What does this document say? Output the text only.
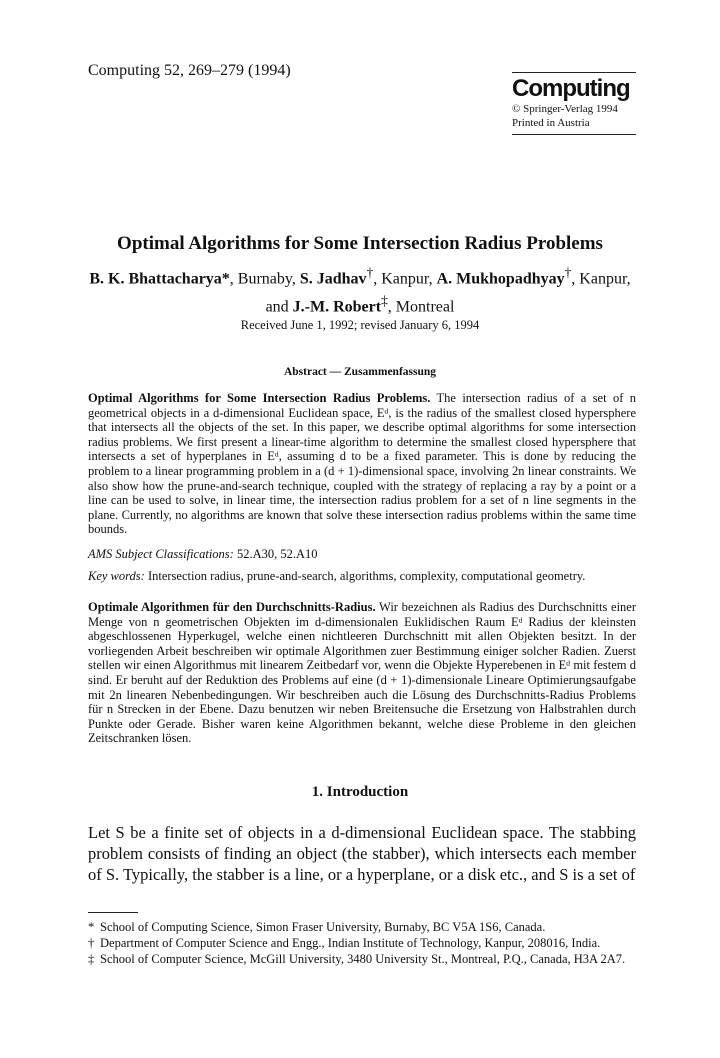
Computing 52, 269–279 (1994)
Computing
© Springer-Verlag 1994
Printed in Austria
Optimal Algorithms for Some Intersection Radius Problems
B. K. Bhattacharya*, Burnaby, S. Jadhav†, Kanpur, A. Mukhopadhyay†, Kanpur,
and J.-M. Robert‡, Montreal
Received June 1, 1992; revised January 6, 1994
Abstract — Zusammenfassung
Optimal Algorithms for Some Intersection Radius Problems. The intersection radius of a set of n geometrical objects in a d-dimensional Euclidean space, Eᵈ, is the radius of the smallest closed hypersphere that intersects all the objects of the set. In this paper, we describe optimal algorithms for some intersection radius problems. We first present a linear-time algorithm to determine the smallest closed hypersphere that intersects a set of hyperplanes in Eᵈ, assuming d to be a fixed parameter. This is done by reducing the problem to a linear programming problem in a (d + 1)-dimensional space, involving 2n linear constraints. We also show how the prune-and-search technique, coupled with the strategy of replacing a ray by a point or a line can be used to solve, in linear time, the intersection radius problem for a set of n line segments in the plane. Currently, no algorithms are known that solve these intersection radius problems within the same time bounds.
AMS Subject Classifications: 52.A30, 52.A10
Key words: Intersection radius, prune-and-search, algorithms, complexity, computational geometry.
Optimale Algorithmen für den Durchschnitts-Radius. Wir bezeichnen als Radius des Durchschnitts einer Menge von n geometrischen Objekten im d-dimensionalen Euklidischen Raum Eᵈ Radius der kleinsten abgeschlossenen Hyperkugel, welche einen nichtleeren Durchschnitt mit allen Objekten besitzt. In der vorliegenden Arbeit beschreiben wir optimale Algorithmen zuer Bestimmung einiger solcher Radien. Zuerst stellen wir einen Algorithmus mit linearem Zeitbedarf vor, wenn die Objekte Hyperebenen in Eᵈ mit festem d sind. Er beruht auf der Reduktion des Problems auf eine (d + 1)-dimensionale Lineare Optimierungsaufgabe mit 2n linearen Nebenbedingungen. Wir beschreiben auch die Lösung des Durchschnitts-Radius Problems für n Strecken in der Ebene. Dazu benutzen wir neben Breitensuche die Ersetzung von Halbstrahlen durch Punkte oder Gerade. Bisher waren keine Algorithmen bekannt, welche diese Probleme in den gleichen Zeitschranken lösen.
1. Introduction
Let S be a finite set of objects in a d-dimensional Euclidean space. The stabbing problem consists of finding an object (the stabber), which intersects each member of S. Typically, the stabber is a line, or a hyperplane, or a disk etc., and S is a set of
* School of Computing Science, Simon Fraser University, Burnaby, BC V5A 1S6, Canada.
† Department of Computer Science and Engg., Indian Institute of Technology, Kanpur, 208016, India.
‡ School of Computer Science, McGill University, 3480 University St., Montreal, P.Q., Canada, H3A 2A7.
